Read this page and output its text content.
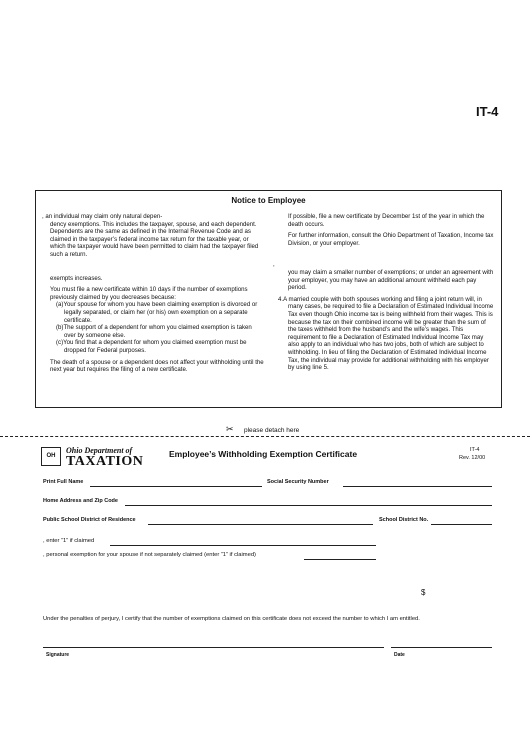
IT-4
Notice to Employee

, an individual may claim only natural depen-

dency exemptions. This includes the taxpayer, spouse, and each dependent. Dependents are the same as defined in the Internal Revenue Code and as claimed in the taxpayer’s federal income tax return for the taxable year, or which the taxpayer would have been permitted to claim had the taxpayer filed such a return.

exempts increases.

You must file a new certificate within 10 days if the number of exemptions previously claimed by you decreases because:

(a)Your spouse for whom you have been claiming exemption is divorced or legally separated, or claim her (or his) own exemption on a separate certificate.

(b)The support of a dependent for whom you claimed exemption is taken over by someone else.

(c)You find that a dependent for whom you claimed exemption must be dropped for Federal purposes.

The death of a spouse or a dependent does not affect your withholding until the next year but requires the filing of a new certificate.

If possible, file a new certificate by December 1st of the year in which the death occurs.

For further information, consult the Ohio Department of Taxation, Income tax Division, or your employer.

,

you may claim a smaller number of exemptions; or under an agreement with your employer, you may have an additional amount withheld each pay period.

4.A married couple with both spouses working and filing a joint return will, in many cases, be required to file a Declaration of Estimated Individual Income Tax even though Ohio income tax is being withheld from their wages. This is because the tax on their combined income will be greater than the sum of the taxes withheld from the husband’s and the wife’s wages. This requirement to file a Declaration of Estimated Individual Income Tax may also apply to an individual who has two jobs, both of which are subject to withholding. In lieu of filing the Declaration of Estimated Individual Income Tax, the individual may provide for additional withholding with his employer by using line 5.

✂ please detach here
OH
Ohio Department of
TAXATION	Employee’s Withholding Exemption Certificate	IT-4
Rev. 12/00
Print Full Name	Social Security Number
Home Address and Zip Code
Public School District of Residence	School District No.
, enter “1” if claimed
, personal exemption for your spouse if not separately claimed (enter “1” if claimed)
$
Under the penalties of perjury, I certify that the number of exemptions claimed on this certificate does not exceed the number to which I am entitled.
Signature	Date
